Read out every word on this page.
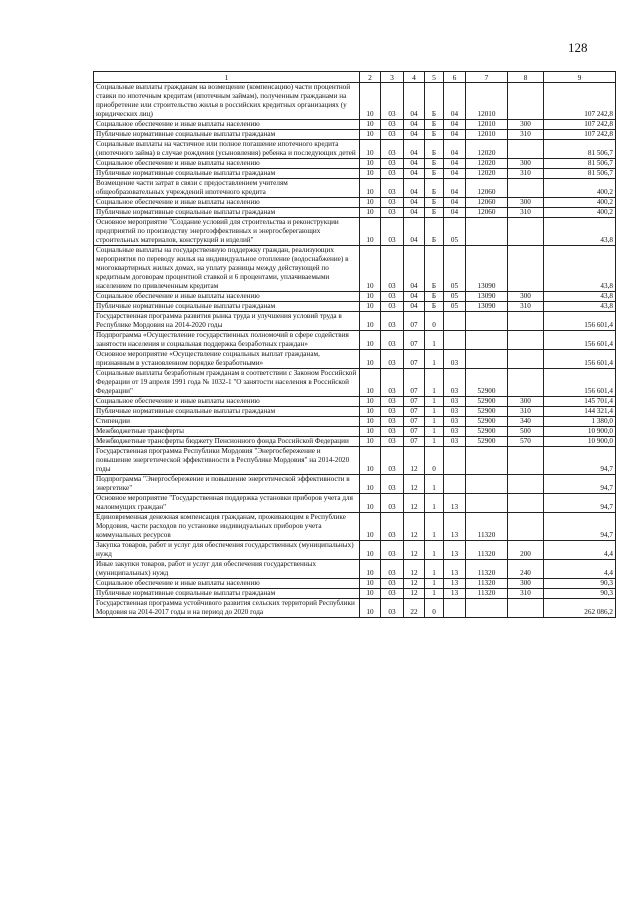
128
1	2	3	4	5	6	7	8	9
Социальные выплаты гражданам на возмещение (компенсацию) части процентной ставки по ипотечным кредитам (ипотечным займам), полученным гражданами на приобретение или строительство жилья в российских кредитных организациях (у юридических лиц)	10	03	04	Б	04	12010		107 242,8
Социальное обеспечение и иные выплаты населению	10	03	04	Б	04	12010	300	107 242,8
Публичные нормативные социальные выплаты гражданам	10	03	04	Б	04	12010	310	107 242,8
Социальные выплаты на частичное или полное погашение ипотечного кредита (ипотечного займа) в случае рождения (усыновления) ребенка и последующих детей	10	03	04	Б	04	12020		81 506,7
Социальное обеспечение и иные выплаты населению	10	03	04	Б	04	12020	300	81 506,7
Публичные нормативные социальные выплаты гражданам	10	03	04	Б	04	12020	310	81 506,7
Возмещение части затрат в связи с предоставлением учителям общеобразовательных учреждений ипотечного кредита	10	03	04	Б	04	12060		400,2
Социальное обеспечение и иные выплаты населению	10	03	04	Б	04	12060	300	400,2
Публичные нормативные социальные выплаты гражданам	10	03	04	Б	04	12060	310	400,2
Основное мероприятие "Создание условий для строительства и реконструкции предприятий по производству энергоэффективных и энергосберегающих строительных материалов, конструкций и изделий"	10	03	04	Б	05			43,8
Социальные выплаты на государственную поддержку граждан, реализующих мероприятия по переводу жилья на индивидуальное отопление (водоснабжение) в многоквартирных жилых домах, на уплату разницы между действующей по кредитным договорам процентной ставкой и 6 процентами, уплачиваемыми населением по привлеченным кредитам	10	03	04	Б	05	13090		43,8
Социальное обеспечение и иные выплаты населению	10	03	04	Б	05	13090	300	43,8
Публичные нормативные социальные выплаты гражданам	10	03	04	Б	05	13090	310	43,8
Государственная программа развития рынка труда и улучшения условий труда в Республике Мордовия на 2014-2020 годы	10	03	07	0				156 601,4
Подпрограмма «Осуществление государственных полномочий в сфере содействия занятости населения и социальная поддержка безработных граждан»	10	03	07	1				156 601,4
Основное мероприятие «Осуществление социальных выплат гражданам, признанным в установленном порядке безработными»	10	03	07	1	03			156 601,4
Социальные выплаты безработным гражданам в соответствии с Законом Российской Федерации от 19 апреля 1991 года № 1032-1 "О занятости населения в Российской Федерации"	10	03	07	1	03	52900		156 601,4
Социальное обеспечение и иные выплаты населению	10	03	07	1	03	52900	300	145 701,4
Публичные нормативные социальные выплаты гражданам	10	03	07	1	03	52900	310	144 321,4
Стипендии	10	03	07	1	03	52900	340	1 380,0
Межбюджетные трансферты	10	03	07	1	03	52900	500	10 900,0
Межбюджетные трансферты бюджету Пенсионного фонда Российской Федерации	10	03	07	1	03	52900	570	10 900,0
Государственная программа Республики Мордовия "Энергосбережение и повышение энергетической эффективности в Республике Мордовия" на 2014-2020 годы	10	03	12	0				94,7
Подпрограмма "Энергосбережение и повышение энергетической эффективности в энергетике"	10	03	12	1				94,7
Основное мероприятие "Государственная поддержка установки приборов учета для малоимущих граждан"	10	03	12	1	13			94,7
Единовременная денежная компенсация гражданам, проживающим в Республике Мордовия, части расходов по установке индивидуальных приборов учета коммунальных ресурсов	10	03	12	1	13	11320		94,7
Закупка товаров, работ и услуг для обеспечения государственных (муниципальных) нужд	10	03	12	1	13	11320	200	4,4
Иные закупки товаров, работ и услуг для обеспечения государственных (муниципальных) нужд	10	03	12	1	13	11320	240	4,4
Социальное обеспечение и иные выплаты населению	10	03	12	1	13	11320	300	90,3
Публичные нормативные социальные выплаты гражданам	10	03	12	1	13	11320	310	90,3
Государственная программа устойчивого развития сельских территорий Республики Мордовия на 2014-2017 годы и на период до 2020 года	10	03	22	0				262 086,2
